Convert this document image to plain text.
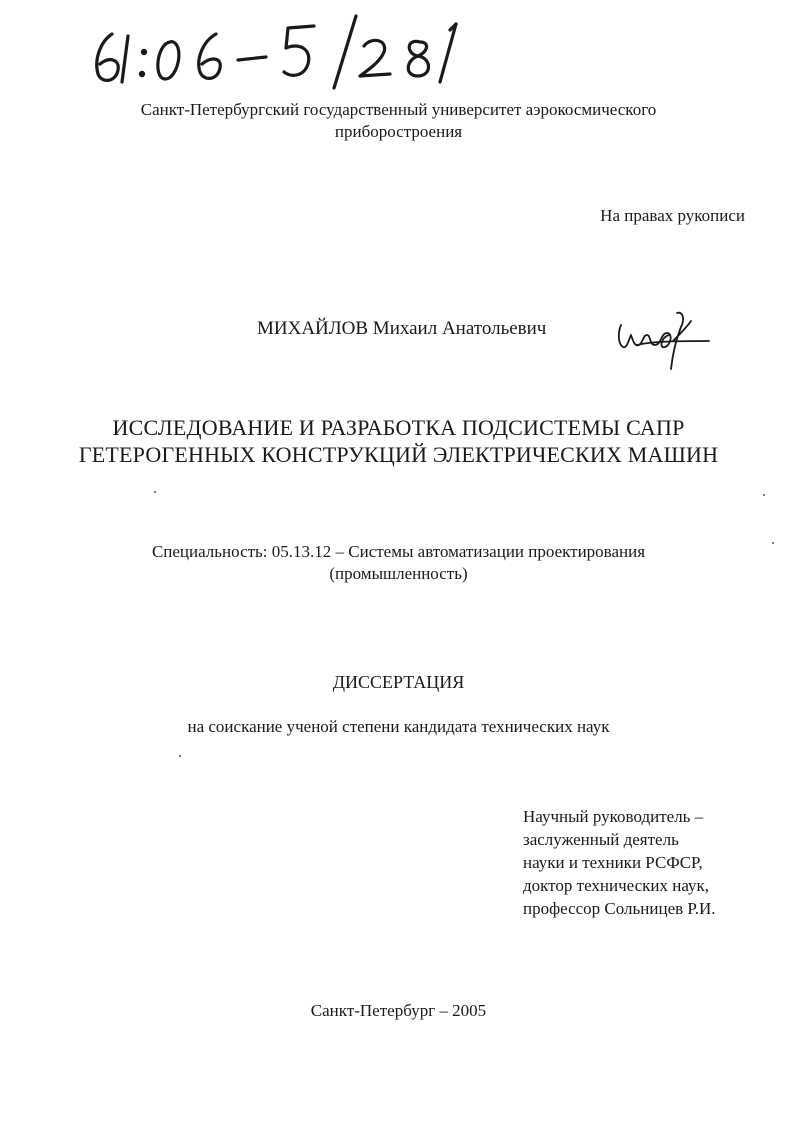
Санкт-Петербургский государственный университет аэрокосмического
приборостроения
На правах рукописи
МИХАЙЛОВ Михаил Анатольевич
ИССЛЕДОВАНИЕ И РАЗРАБОТКА ПОДСИСТЕМЫ САПР
ГЕТЕРОГЕННЫХ КОНСТРУКЦИЙ ЭЛЕКТРИЧЕСКИХ МАШИН
Специальность: 05.13.12 – Системы автоматизации проектирования
(промышленность)
ДИССЕРТАЦИЯ
на соискание ученой степени кандидата технических наук
Научный руководитель –
заслуженный деятель
науки и техники РСФСР,
доктор технических наук,
профессор Сольницев Р.И.
Санкт-Петербург – 2005
